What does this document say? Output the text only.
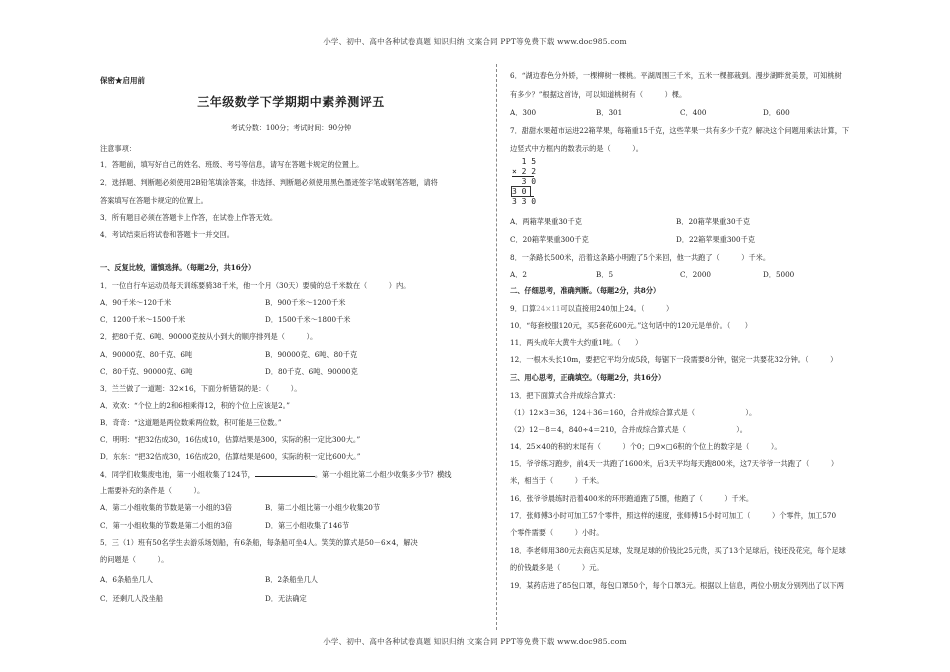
小学、初中、高中各种试卷真题 知识归纳 文案合同 PPT等免费下载 www.doc985.com
保密★启用前
三年级数学下学期期中素养测评五
考试分数：100分；考试时间：90分钟
注意事项：
1．答题前，填写好自己的姓名、班级、考号等信息，请写在答题卡规定的位置上。
2．选择题、判断题必须使用2B铅笔填涂答案，非选择、判断题必须使用黑色墨迹签字笔或钢笔答题，请将
答案填写在答题卡规定的位置上。
3．所有题目必须在答题卡上作答，在试卷上作答无效。
4．考试结束后将试卷和答题卡一并交回。
一、反复比较，谨慎选择。（每题2分，共16分）
1．一位自行车运动员每天训练要骑38千米，他一个月（30天）要骑的总千米数在（　　　）内。
A．90千米～120千米	B．900千米～1200千米
C．1200千米～1500千米	D．1500千米～1800千米
2．把80千克、6吨、90000克按从小到大的顺序排列是（　　　）。
A．90000克、80千克、6吨	B．90000克、6吨、80千克
C．80千克、90000克、6吨	D．80千克、6吨、90000克
3．兰兰做了一道题：32×16，下面分析错误的是：（　　　）。
A．欢欢：“个位上的2和6相乘得12，积的个位上应该是2。”
B．奇奇：“这道题是两位数乘两位数，积可能是三位数。”
C．明明：“把32估成30，16估成10，估算结果是300，实际的积一定比300大。”
D．东东：“把32估成30，16估成20，估算结果是600，实际的积一定比600大。”
4．同学们收集废电池，第一小组收集了124节，	。第一小组比第二小组少收集多少节？横线
上需要补充的条件是（　　　）。
A．第二小组收集的节数是第一小组的3倍	B．第二小组比第一小组少收集20节
C．第一小组收集的节数是第二小组的3倍	D．第三小组收集了146节
5．三（1）班有50名学生去游乐场划船，有6条船，每条船可坐4人。笑笑的算式是50－6×4，解决
的问题是（　　　）。
A．6条船坐几人	B．2条船坐几人
C．还剩几人没坐船	D．无法确定
6．“湖边春色分外娇，一棵柳树一棵桃。平湖周围三千米，五米一棵都栽到。漫步湖畔赏美景，可知桃树
有多少？”根据这首诗，可以知道桃树有（　　　）棵。
A．300	B．301	C．400	D．600
7．甜甜水果超市运进22箱苹果，每箱重15千克，这些苹果一共有多少千克？解决这个问题用乘法计算，下
边竖式中方框内的数表示的是（　　　）。
1 5
× 2 2
3 0
3 0
3 3 0
A．两箱苹果重30千克	B．20箱苹果重30千克
C．20箱苹果重300千克	D．22箱苹果重300千克
8．一条路长500米，沿着这条路小明跑了5个来回，他一共跑了（　　　）千米。
A．2	B．5	C．2000	D．5000
二、仔细思考，准确判断。（每题2分，共8分）
9．口算24×11可以直接用240加上24。（　　　）
10．“每套校服120元，买5套花600元。”这句话中的120元是单价。（　　）
11．两头成年大黄牛大约重1吨。（　　）
12．一根木头长10m，要把它平均分成5段，每锯下一段需要8分钟，锯完一共要花32分钟。（　　　）
三、用心思考，正确填空。（每题2分，共16分）
13．把下面算式合并成综合算式：
（1）12×3＝36，124＋36＝160，合并成综合算式是（　　　　　　　）。
（2）12－8＝4，840÷4＝210，合并成综合算式是（　　　　　　　）。
14．25×40的积的末尾有（　　　）个0；□9×□6积的个位上的数字是（　　　）。
15．爷爷练习跑步，前4天一共跑了1600米，后3天平均每天跑800米，这7天爷爷一共跑了（　　　）
米，相当于（　　　）千米。
16．张爷爷晨练时沿着400米的环形跑道跑了5圈，他跑了（　　　）千米。
17．张师傅3小时可加工57个零件，照这样的速度，张师傅15小时可加工（　　　）个零件，加工570
个零件需要（　　　）小时。
18．李老师用380元去商店买足球，发现足球的价钱比25元贵，买了13个足球后，钱还没花完，每个足球
的价钱最多是（　　　）元。
19．某药店进了85包口罩，每包口罩50个，每个口罩3元。根据以上信息，两位小朋友分别列出了以下两
小学、初中、高中各种试卷真题 知识归纳 文案合同 PPT等免费下载 www.doc985.com
